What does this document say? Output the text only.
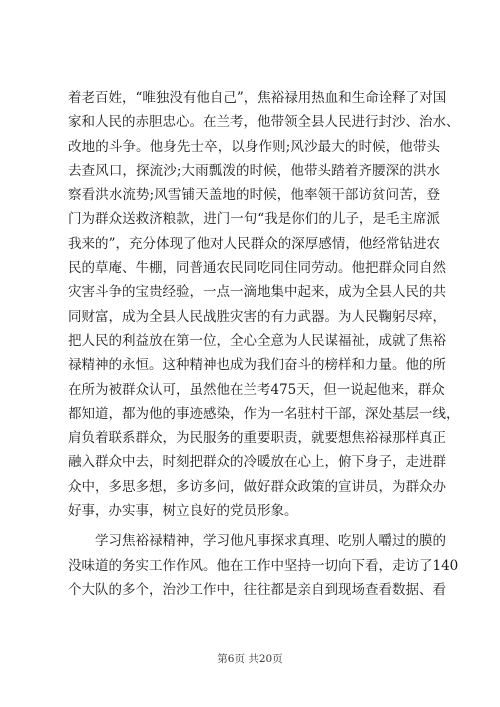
着老百姓，“唯独没有他自己”，焦裕禄用热血和生命诠释了对国
家和人民的赤胆忠心。在兰考，他带领全县人民进行封沙、治水、
改地的斗争。他身先士卒，以身作则;风沙最大的时候，他带头
去查风口，探流沙;大雨瓢泼的时候，他带头踏着齐腰深的洪水
察看洪水流势;风雪铺天盖地的时候，他率领干部访贫问苦，登
门为群众送救济粮款，进门一句“我是你们的儿子，是毛主席派
我来的”，充分体现了他对人民群众的深厚感情，他经常钻进农
民的草庵、牛棚，同普通农民同吃同住同劳动。他把群众同自然
灾害斗争的宝贵经验，一点一滴地集中起来，成为全县人民的共
同财富，成为全县人民战胜灾害的有力武器。为人民鞠躬尽瘁，
把人民的利益放在第一位，全心全意为人民谋福祉，成就了焦裕
禄精神的永恒。这种精神也成为我们奋斗的榜样和力量。他的所
在所为被群众认可，虽然他在兰考475天，但一说起他来，群众
都知道，都为他的事迹感染，作为一名驻村干部，深处基层一线，
肩负着联系群众，为民服务的重要职责，就要想焦裕禄那样真正
融入群众中去，时刻把群众的冷暖放在心上，俯下身子，走进群
众中，多思多想，多访多问，做好群众政策的宣讲员，为群众办
好事，办实事，树立良好的党员形象。
学习焦裕禄精神，学习他凡事探求真理、吃别人嚼过的膜的
没味道的务实工作作风。他在工作中坚持一切向下看，走访了140
个大队的多个，治沙工作中，往往都是亲自到现场查看数据、看
第6页 共20页
